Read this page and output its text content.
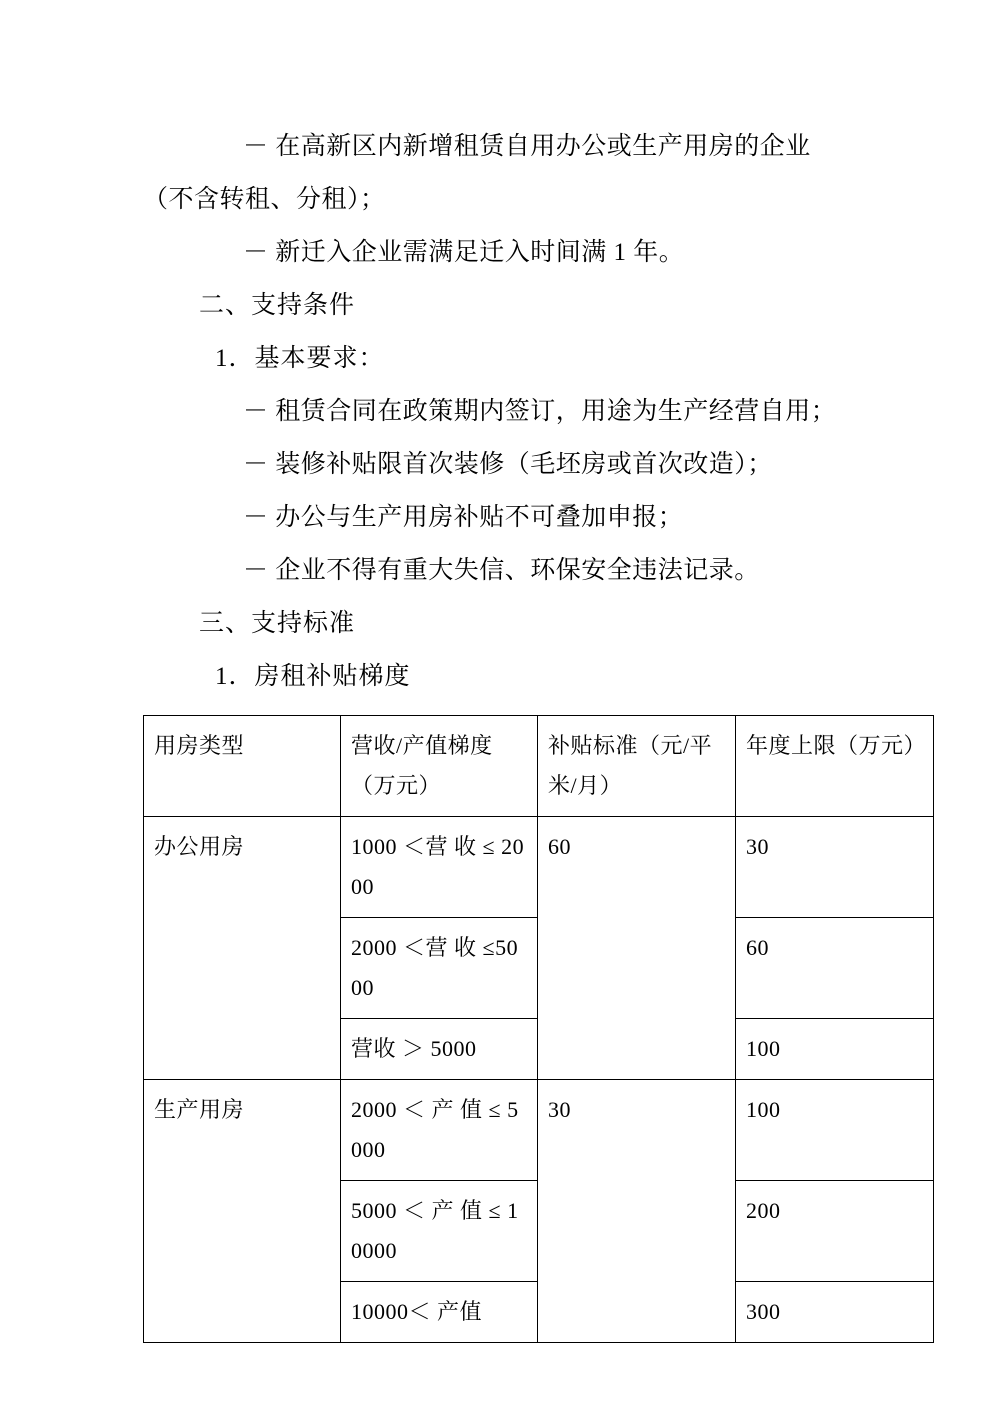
－ 在高新区内新增租赁自用办公或生产用房的企业

（不含转租、分租）；

－ 新迁入企业需满足迁入时间满 1 年。

二、支持条件

1．基本要求：

－ 租赁合同在政策期内签订，用途为生产经营自用；

－ 装修补贴限首次装修（毛坯房或首次改造）；

－ 办公与生产用房补贴不可叠加申报；

－ 企业不得有重大失信、环保安全违法记录。

三、支持标准

1．房租补贴梯度

用房类型	营收/产值梯度（万元）	补贴标准（元/平米/月）	年度上限（万元）
办公用房	1000 ＜营 收 ≤ 2000	60	30
	2000 ＜营 收 ≤5000		60
	营收 ＞ 5000		100
生产用房	2000 ＜ 产 值 ≤ 5000	30	100
	5000 ＜ 产 值 ≤ 10000		200
	10000＜ 产值		300
